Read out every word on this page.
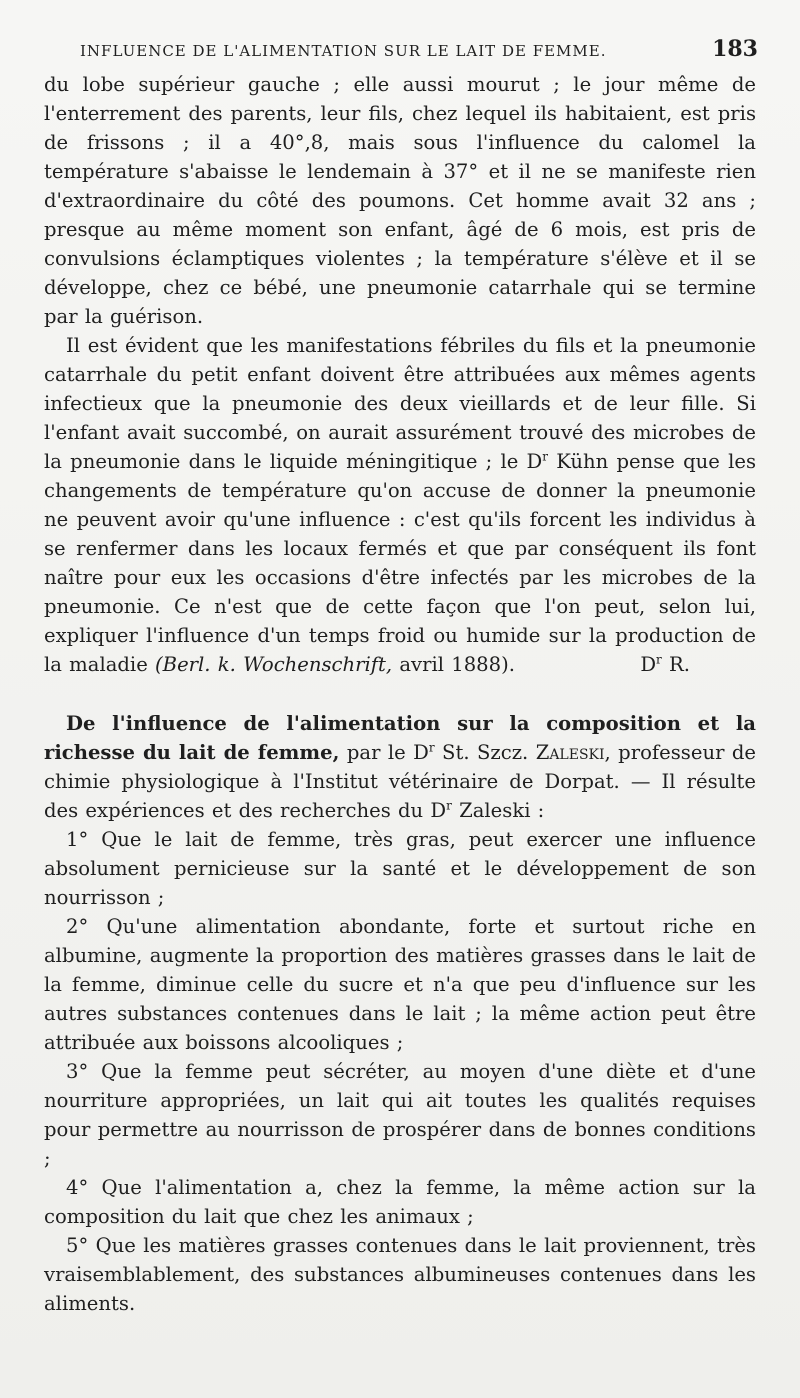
INFLUENCE DE L'ALIMENTATION SUR LE LAIT DE FEMME.	183

du lobe supérieur gauche ; elle aussi mourut ; le jour même de l'enterrement des parents, leur fils, chez lequel ils habitaient, est pris de frissons ; il a 40°,8, mais sous l'influence du calomel la température s'abaisse le lendemain à 37° et il ne se manifeste rien d'extraordinaire du côté des poumons. Cet homme avait 32 ans ; presque au même moment son enfant, âgé de 6 mois, est pris de convulsions éclamptiques violentes ; la température s'élève et il se développe, chez ce bébé, une pneumonie catarrhale qui se termine par la guérison.

Il est évident que les manifestations fébriles du fils et la pneumonie catarrhale du petit enfant doivent être attribuées aux mêmes agents infectieux que la pneumonie des deux vieillards et de leur fille. Si l'enfant avait succombé, on aurait assurément trouvé des microbes de la pneumonie dans le liquide méningitique ; le $D^r$ Kühn pense que les changements de température qu'on accuse de donner la pneumonie ne peuvent avoir qu'une influence : c'est qu'ils forcent les individus à se renfermer dans les locaux fermés et que par conséquent ils font naître pour eux les occasions d'être infectés par les microbes de la pneumonie. Ce n'est que de cette façon que l'on peut, selon lui, expliquer l'influence d'un temps froid ou humide sur la production de la maladie (Berl. k. Wochenschrift, avril 1888).	$D^r$ R.

De l'influence de l'alimentation sur la composition et la richesse du lait de femme, par le $D^r$ St. Szcz. Zaleski, professeur de chimie physiologique à l'Institut vétérinaire de Dorpat. — Il résulte des expériences et des recherches du $D^r$ Zaleski :

1° Que le lait de femme, très gras, peut exercer une influence absolument pernicieuse sur la santé et le développement de son nourrisson ;

2° Qu'une alimentation abondante, forte et surtout riche en albumine, augmente la proportion des matières grasses dans le lait de la femme, diminue celle du sucre et n'a que peu d'influence sur les autres substances contenues dans le lait ; la même action peut être attribuée aux boissons alcooliques ;

3° Que la femme peut sécréter, au moyen d'une diète et d'une nourriture appropriées, un lait qui ait toutes les qualités requises pour permettre au nourrisson de prospérer dans de bonnes conditions ;

4° Que l'alimentation a, chez la femme, la même action sur la composition du lait que chez les animaux ;

5° Que les matières grasses contenues dans le lait proviennent, très vraisemblablement, des substances albumineuses contenues dans les aliments.
